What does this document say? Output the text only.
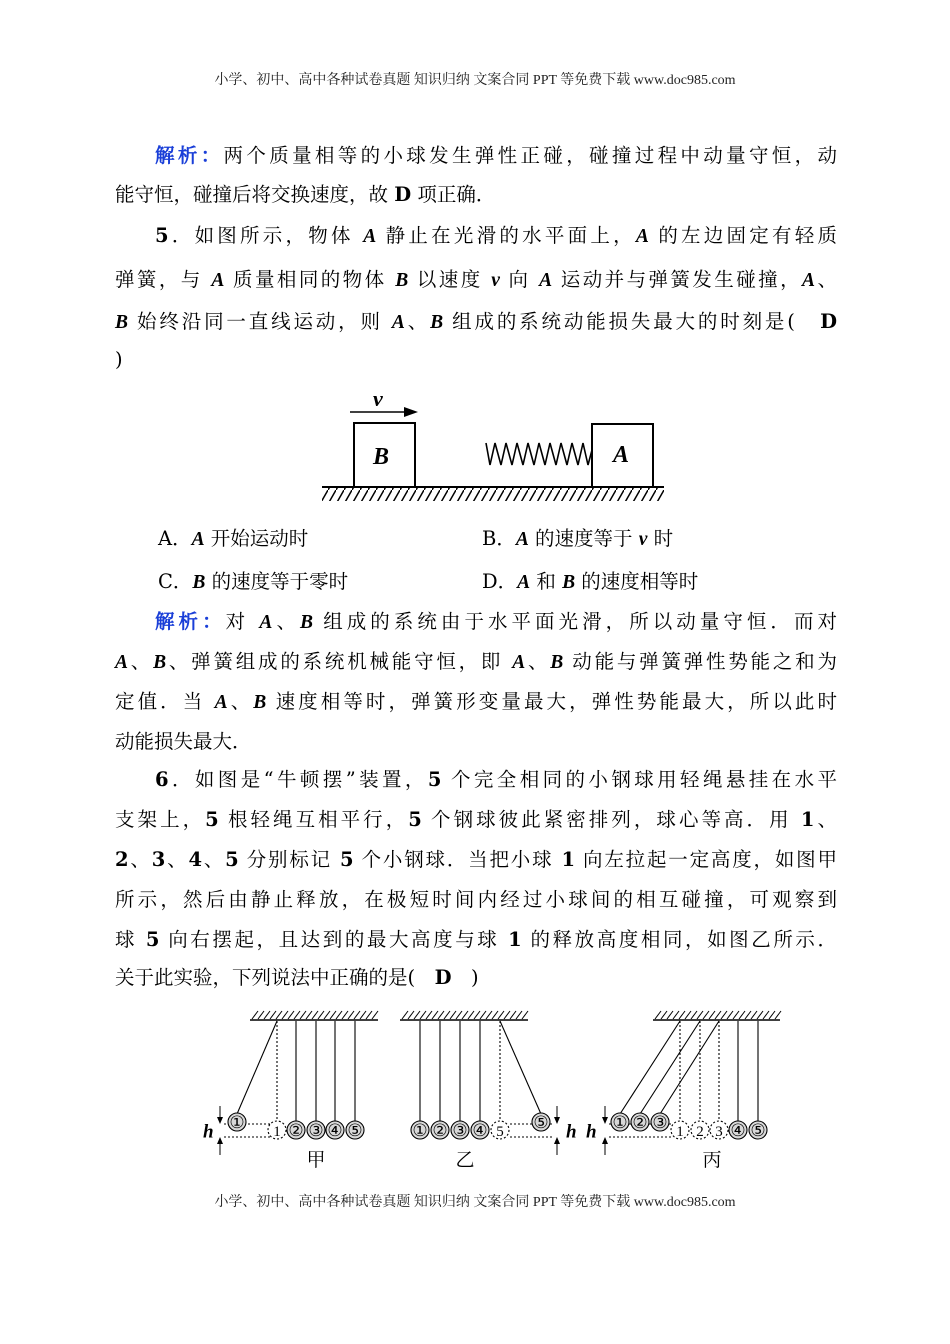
小学、初中、高中各种试卷真题 知识归纳 文案合同 PPT 等免费下载 www.doc985.com
解析：两个质量相等的小球发生弹性正碰，碰撞过程中动量守恒，动
能守恒，碰撞后将交换速度，故 D 项正确．
5．如图所示，物体 A 静止在光滑的水平面上，A 的左边固定有轻质
弹簧，与 A 质量相同的物体 B 以速度 v 向 A 运动并与弹簧发生碰撞，A、
B 始终沿同一直线运动，则 A、B 组成的系统动能损失最大的时刻是(　D
)
v
B	A
A．A 开始运动时	B．A 的速度等于 v 时
C．B 的速度等于零时	D．A 和 B 的速度相等时
解析：对 A、B 组成的系统由于水平面光滑，所以动量守恒．而对
A、B、弹簧组成的系统机械能守恒，即 A、B 动能与弹簧弹性势能之和为
定值．当 A、B 速度相等时，弹簧形变量最大，弹性势能最大，所以此时
动能损失最大．
6．如图是“牛顿摆”装置，5 个完全相同的小钢球用轻绳悬挂在水平
支架上，5 根轻绳互相平行，5 个钢球彼此紧密排列，球心等高．用 1、
2、3、4、5 分别标记 5 个小钢球．当把小球 1 向左拉起一定高度，如图甲
所示，然后由静止释放，在极短时间内经过小球间的相互碰撞，可观察到
球 5 向右摆起，且达到的最大高度与球 1 的释放高度相同，如图乙所示．
关于此实验，下列说法中正确的是(　D　)
h ① 1 ② ③ ④ ⑤	h
① ② ③ ④ 5 ⑤ h	1
①	2
②	3
③	④ ⑤
甲	乙	丙
小学、初中、高中各种试卷真题 知识归纳 文案合同 PPT 等免费下载 www.doc985.com
